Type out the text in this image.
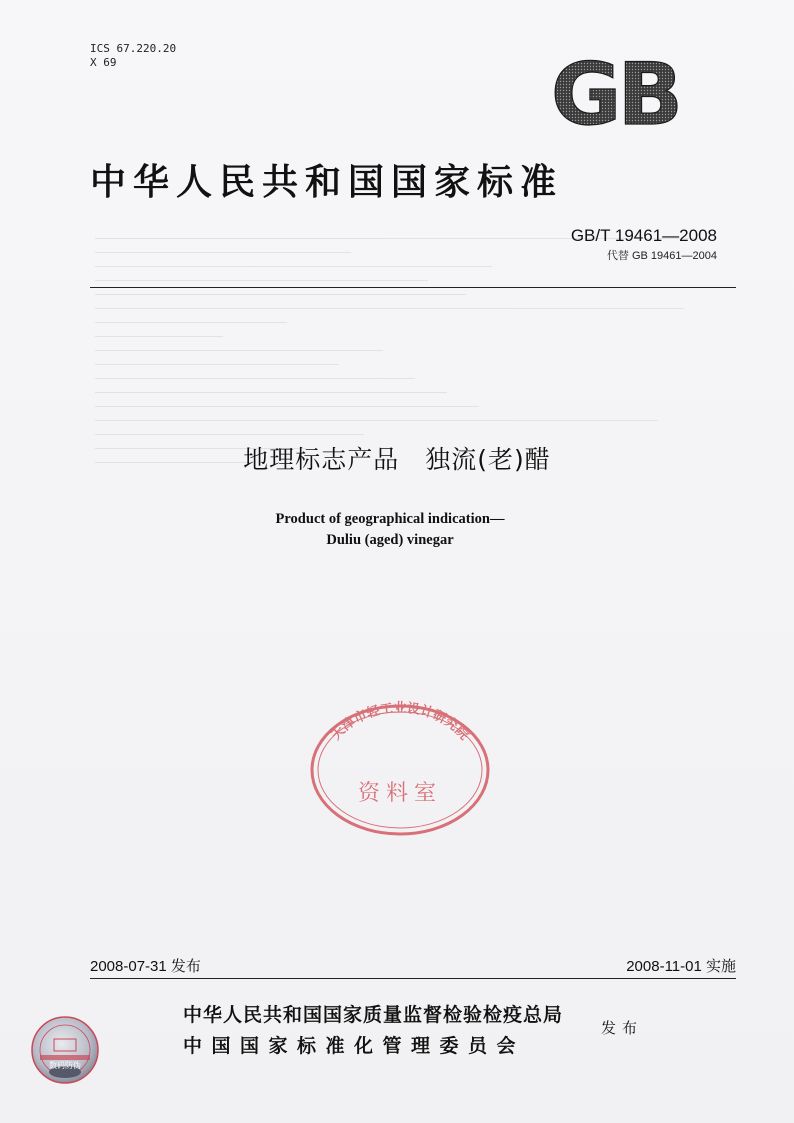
ICS 67.220.20
X 69	GB
中华人民共和国国家标准
GB/T 19461—2008
代替 GB 19461—2004
地理标志产品　独流(老)醋
Product of geographical indication—
Duliu (aged) vinegar
天津市轻工业设计研究院
资料室
2008-07-31 发布	2008-11-01 实施
中华人民共和国国家质量监督检验检疫总局
中国国家标准化管理委员会
发布
数码防伪
